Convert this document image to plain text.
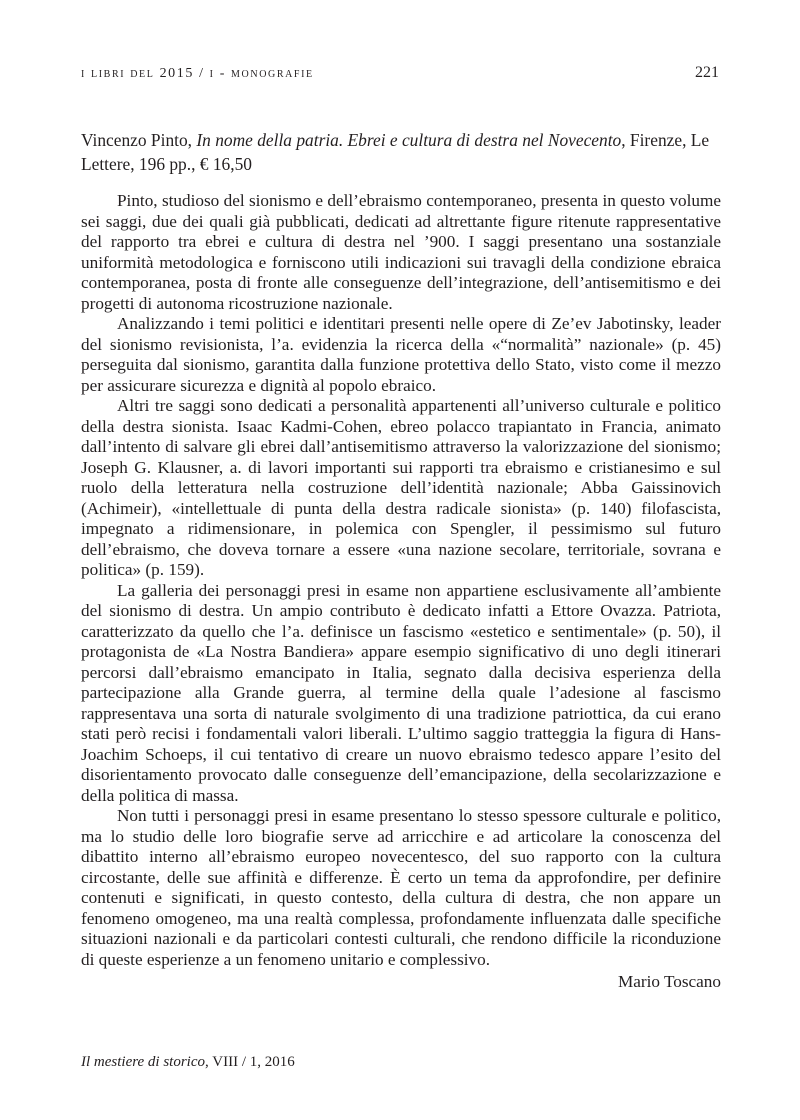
i libri del 2015 / i - monografie	221
Vincenzo Pinto, In nome della patria. Ebrei e cultura di destra nel Novecento, Firenze, Le Lettere, 196 pp., € 16,50

Pinto, studioso del sionismo e dell’ebraismo contemporaneo, presenta in questo volume sei saggi, due dei quali già pubblicati, dedicati ad altrettante figure ritenute rappresentative del rapporto tra ebrei e cultura di destra nel ’900. I saggi presentano una sostanziale uniformità metodologica e forniscono utili indicazioni sui travagli della condizione ebraica contemporanea, posta di fronte alle conseguenze dell’integrazione, dell’antisemitismo e dei progetti di autonoma ricostruzione nazionale.

Analizzando i temi politici e identitari presenti nelle opere di Ze’ev Jabotinsky, leader del sionismo revisionista, l’a. evidenzia la ricerca della «“normalità” nazionale» (p. 45) perseguita dal sionismo, garantita dalla funzione protettiva dello Stato, visto come il mezzo per assicurare sicurezza e dignità al popolo ebraico.

Altri tre saggi sono dedicati a personalità appartenenti all’universo culturale e politico della destra sionista. Isaac Kadmi-Cohen, ebreo polacco trapiantato in Francia, animato dall’intento di salvare gli ebrei dall’antisemitismo attraverso la valorizzazione del sionismo; Joseph G. Klausner, a. di lavori importanti sui rapporti tra ebraismo e cristianesimo e sul ruolo della letteratura nella costruzione dell’identità nazionale; Abba Gaissinovich (Achimeir), «intellettuale di punta della destra radicale sionista» (p. 140) filofascista, impegnato a ridimensionare, in polemica con Spengler, il pessimismo sul futuro dell’ebraismo, che doveva tornare a essere «una nazione secolare, territoriale, sovrana e politica» (p. 159).

La galleria dei personaggi presi in esame non appartiene esclusivamente all’ambiente del sionismo di destra. Un ampio contributo è dedicato infatti a Ettore Ovazza. Patriota, caratterizzato da quello che l’a. definisce un fascismo «estetico e sentimentale» (p. 50), il protagonista de «La Nostra Bandiera» appare esempio significativo di uno degli itinerari percorsi dall’ebraismo emancipato in Italia, segnato dalla decisiva esperienza della partecipazione alla Grande guerra, al termine della quale l’adesione al fascismo rappresentava una sorta di naturale svolgimento di una tradizione patriottica, da cui erano stati però recisi i fondamentali valori liberali. L’ultimo saggio tratteggia la figura di Hans-Joachim Schoeps, il cui tentativo di creare un nuovo ebraismo tedesco appare l’esito del disorientamento provocato dalle conseguenze dell’emancipazione, della secolarizzazione e della politica di massa.

Non tutti i personaggi presi in esame presentano lo stesso spessore culturale e politico, ma lo studio delle loro biografie serve ad arricchire e ad articolare la conoscenza del dibattito interno all’ebraismo europeo novecentesco, del suo rapporto con la cultura circostante, delle sue affinità e differenze. È certo un tema da approfondire, per definire contenuti e significati, in questo contesto, della cultura di destra, che non appare un fenomeno omogeneo, ma una realtà complessa, profondamente influenzata dalle specifiche situazioni nazionali e da particolari contesti culturali, che rendono difficile la riconduzione di queste esperienze a un fenomeno unitario e complessivo.

Mario Toscano

Il mestiere di storico, VIII / 1, 2016
